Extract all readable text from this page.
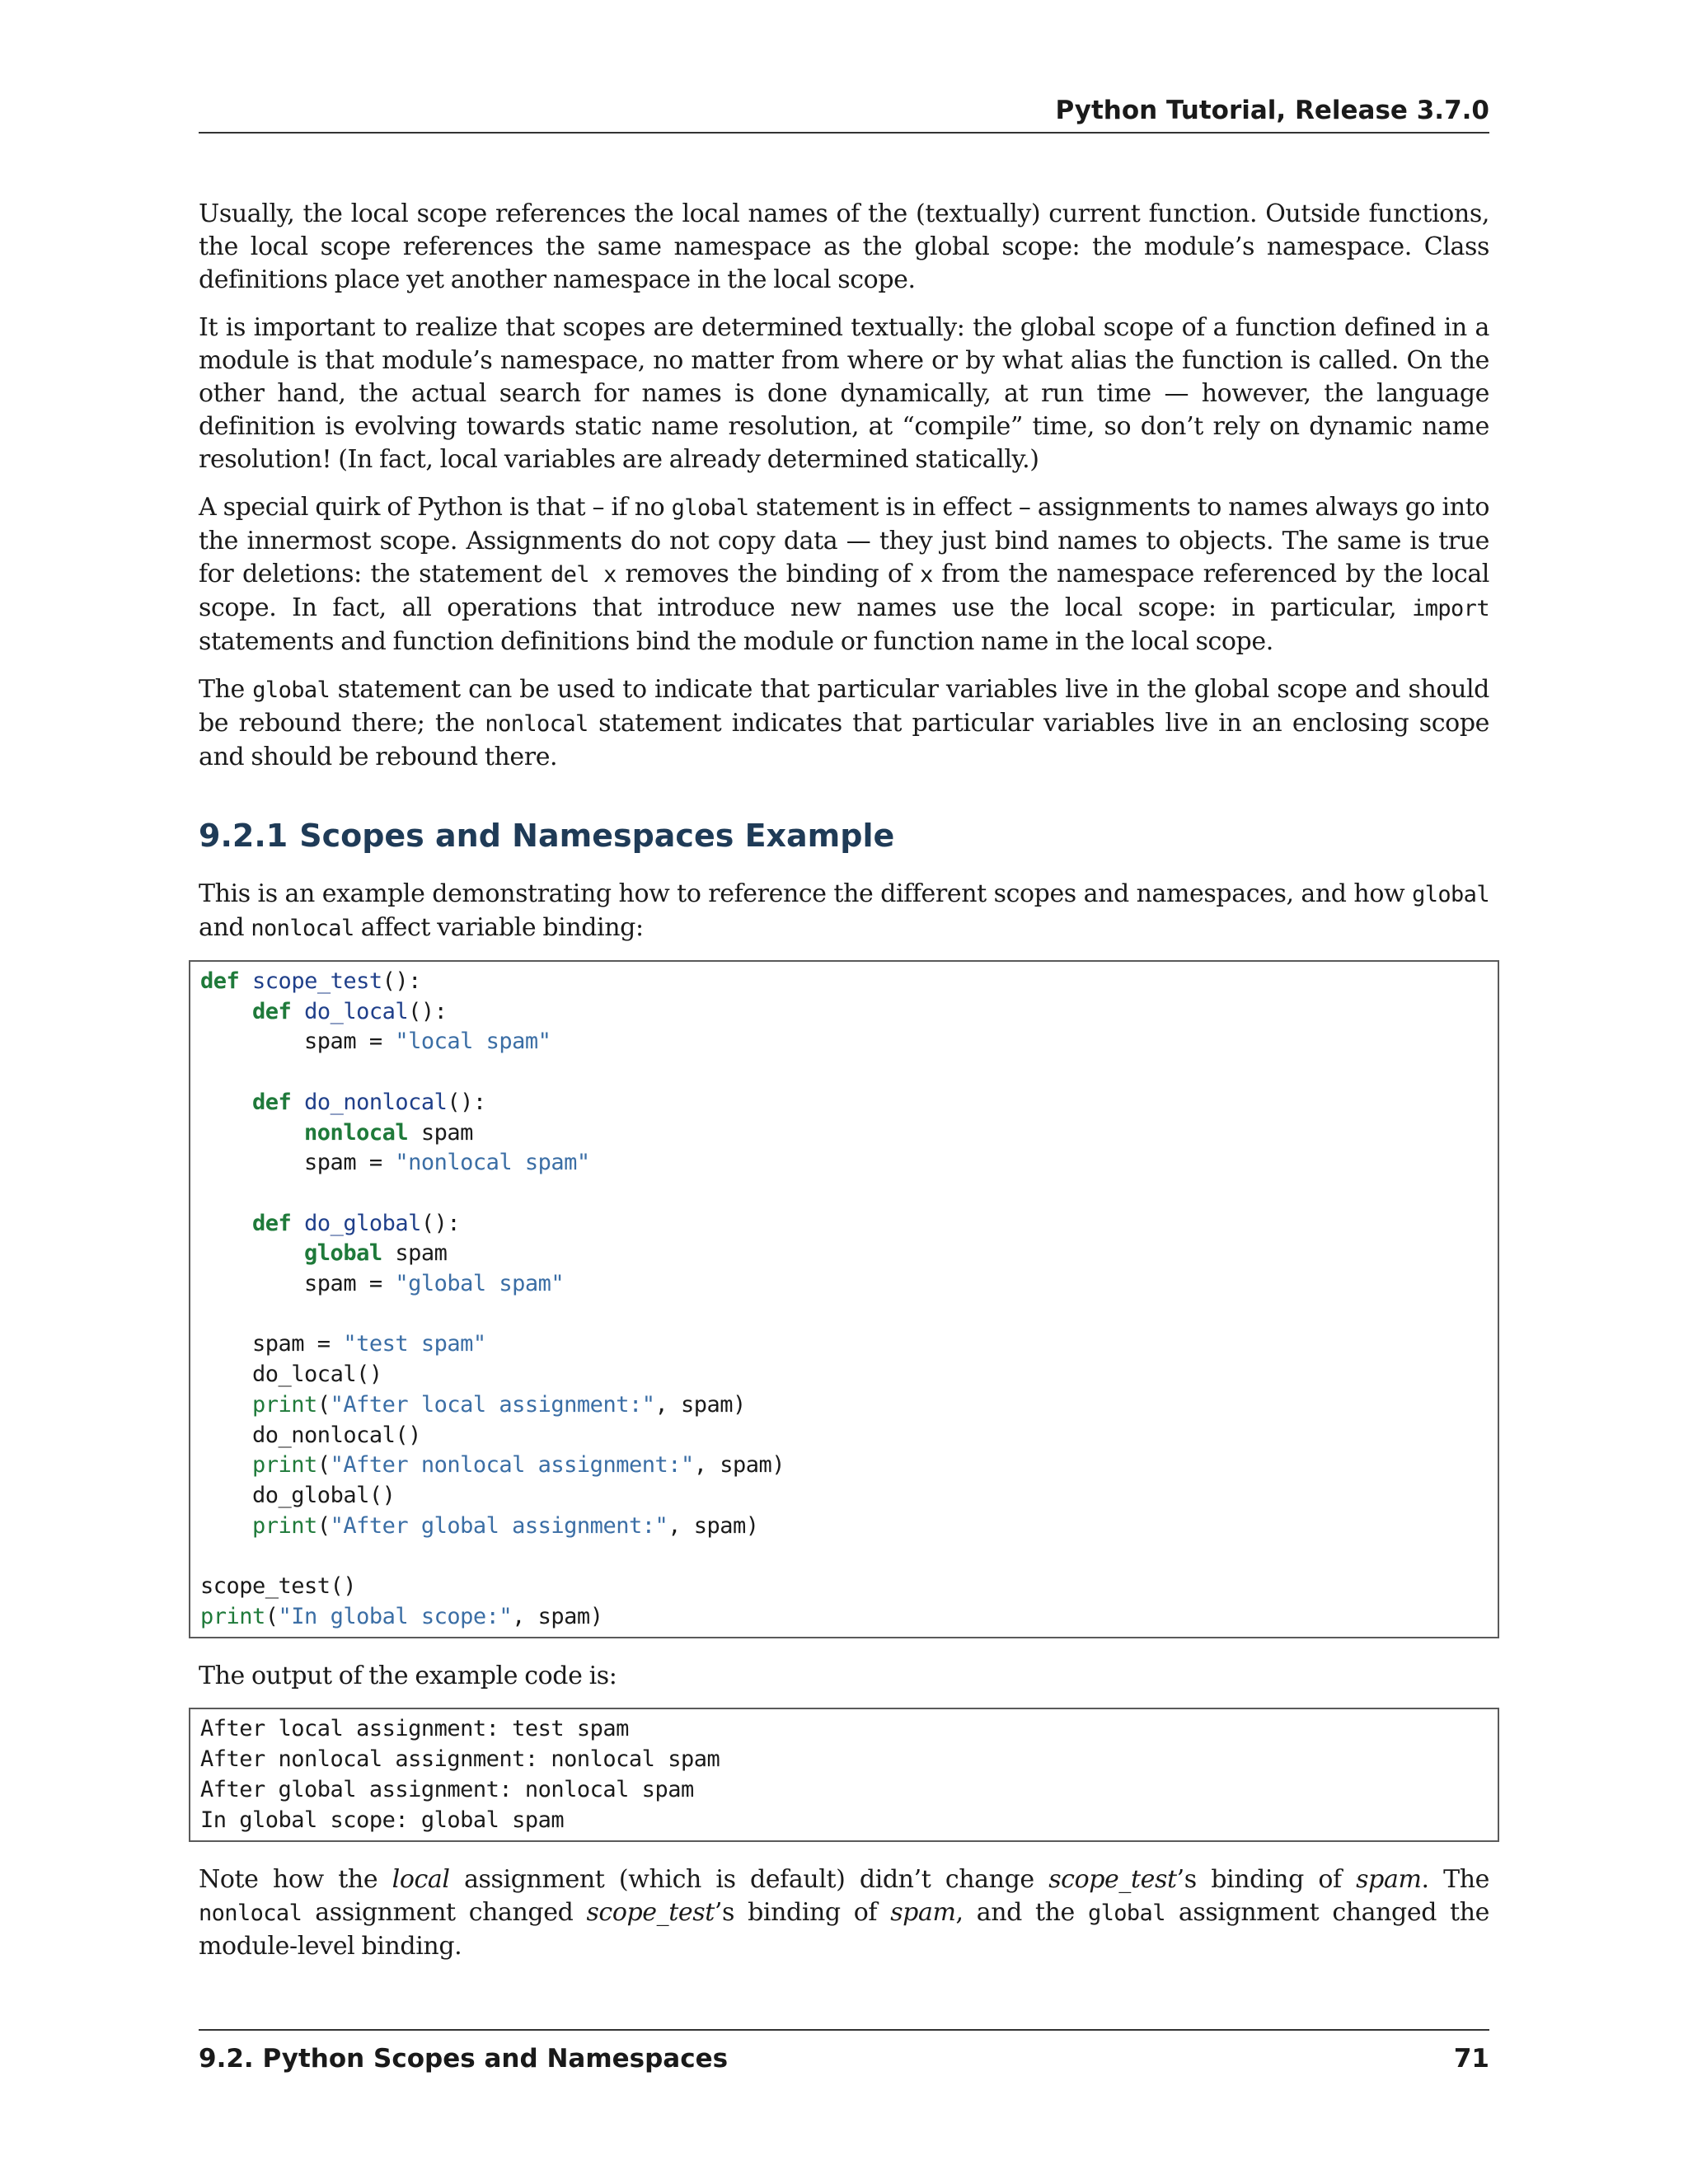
Python Tutorial, Release 3.7.0

Usually, the local scope references the local names of the (textually) current function. Outside functions, the local scope references the same namespace as the global scope: the module’s namespace. Class definitions place yet another namespace in the local scope.

It is important to realize that scopes are determined textually: the global scope of a function defined in a module is that module’s namespace, no matter from where or by what alias the function is called. On the other hand, the actual search for names is done dynamically, at run time — however, the language definition is evolving towards static name resolution, at “compile” time, so don’t rely on dynamic name resolution! (In fact, local variables are already determined statically.)

A special quirk of Python is that – if no global statement is in effect – assignments to names always go into the innermost scope. Assignments do not copy data — they just bind names to objects. The same is true for deletions: the statement del x removes the binding of x from the namespace referenced by the local scope. In fact, all operations that introduce new names use the local scope: in particular, import statements and function definitions bind the module or function name in the local scope.

The global statement can be used to indicate that particular variables live in the global scope and should be rebound there; the nonlocal statement indicates that particular variables live in an enclosing scope and should be rebound there.

9.2.1 Scopes and Namespaces Example

This is an example demonstrating how to reference the different scopes and namespaces, and how global and nonlocal affect variable binding:

def scope_test():
def do_local():
spam = "local spam"

def do_nonlocal():
nonlocal spam
spam = "nonlocal spam"

def do_global():
global spam
spam = "global spam"

spam = "test spam"
do_local()
print("After local assignment:", spam)
do_nonlocal()
print("After nonlocal assignment:", spam)
do_global()
print("After global assignment:", spam)

scope_test()
print("In global scope:", spam)

The output of the example code is:

After local assignment: test spam
After nonlocal assignment: nonlocal spam
After global assignment: nonlocal spam
In global scope: global spam

Note how the local assignment (which is default) didn’t change scope_test’s binding of spam. The nonlocal assignment changed scope_test’s binding of spam, and the global assignment changed the module-level binding.

9.2. Python Scopes and Namespaces	71
